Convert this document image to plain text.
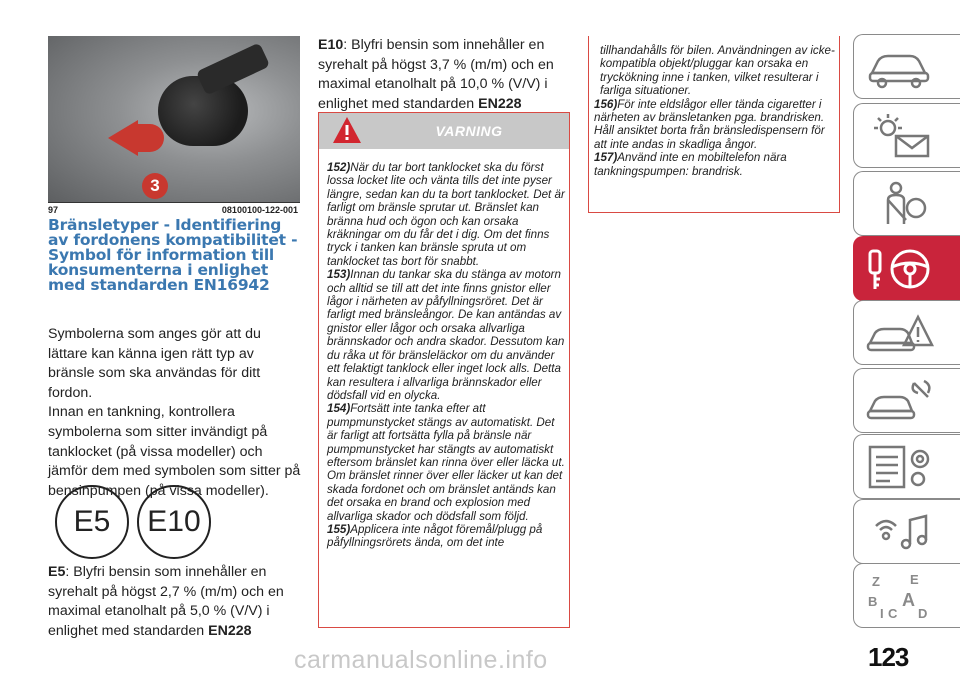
3
97	08100100-122-001
Bränsletyper - Identifiering av fordonens kompatibilitet - Symbol för information till konsumenterna i enlighet med standarden EN16942

Symbolerna som anges gör att du lättare kan känna igen rätt typ av bränsle som ska användas för ditt fordon.

Innan en tankning, kontrollera symbolerna som sitter invändigt på tanklocket (på vissa modeller) och jämför dem med symbolen som sitter på bensinpumpen (på vissa modeller).

E5	E10
E5: Blyfri bensin som innehåller en syrehalt på högst 2,7 % (m/m) och en maximal etanolhalt på 5,0 % (V/V) i enlighet med standarden EN228
E10: Blyfri bensin som innehåller en syrehalt på högst 3,7 % (m/m) och en maximal etanolhalt på 10,0 % (V/V) i enlighet med standarden EN228
VARNING

152)När du tar bort tanklocket ska du först lossa locket lite och vänta tills det inte pyser längre, sedan kan du ta bort tanklocket. Det är farligt om bränsle sprutar ut. Bränslet kan bränna hud och ögon och kan orsaka kräkningar om du får det i dig. Om det finns tryck i tanken kan bränsle spruta ut om tanklocket tas bort för snabbt.

153)Innan du tankar ska du stänga av motorn och alltid se till att det inte finns gnistor eller lågor i närheten av påfyllningsröret. Det är farligt med bränsleångor. De kan antändas av gnistor eller lågor och orsaka allvarliga brännskador och andra skador. Dessutom kan du råka ut för bränsleläckor om du använder ett felaktigt tanklock eller inget lock alls. Detta kan resultera i allvarliga brännskador eller dödsfall vid en olycka.

154)Fortsätt inte tanka efter att pumpmunstycket stängs av automatiskt. Det är farligt att fortsätta fylla på bränsle när pumpmunstycket har stängts av automatiskt eftersom bränslet kan rinna över eller läcka ut. Om bränslet rinner över eller läcker ut kan det skada fordonet och om bränslet antänds kan det orsaka en brand och explosion med allvarliga skador och dödsfall som följd.

155)Applicera inte något föremål/plugg på påfyllningsrörets ända, om det inte

tillhandahålls för bilen. Användningen av icke-kompatibla objekt/pluggar kan orsaka en tryckökning inne i tanken, vilket resulterar i farliga situationer.

156)För inte eldslågor eller tända cigaretter i närheten av bränsletanken pga. brandrisken. Håll ansiktet borta från bränsledispensern för att inte andas in skadliga ångor.

157)Använd inte en mobiltelefon nära tankningspumpen: brandrisk.

Z E
B A
C D
I
123
carmanualsonline.info
